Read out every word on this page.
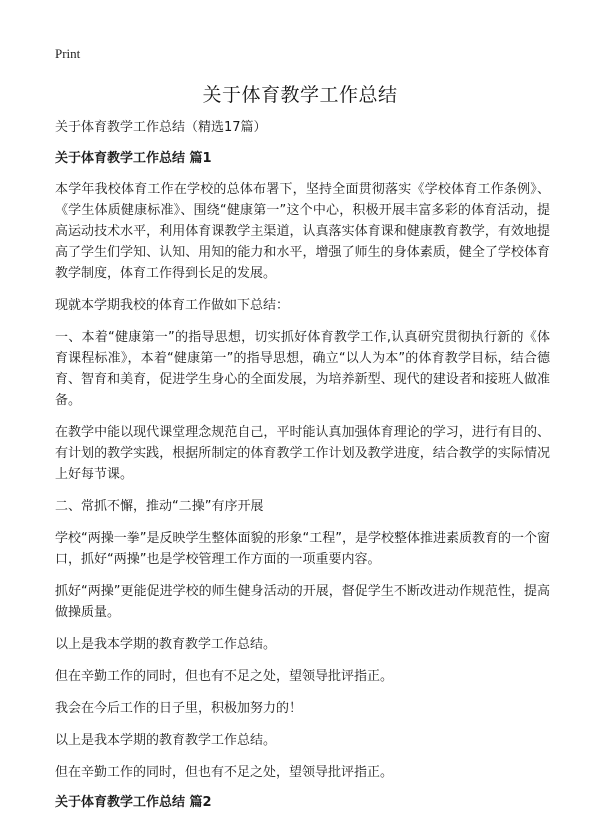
Print

关于体育教学工作总结

关于体育教学工作总结（精选17篇）

关于体育教学工作总结 篇1

本学年我校体育工作在学校的总体布署下，坚持全面贯彻落实《学校体育工作条例》、《学生体质健康标准》、围绕“健康第一”这个中心，积极开展丰富多彩的体育活动，提高运动技术水平，利用体育课教学主渠道，认真落实体育课和健康教育教学，有效地提高了学生们学知、认知、用知的能力和水平，增强了师生的身体素质，健全了学校体育教学制度，体育工作得到长足的发展。

现就本学期我校的体育工作做如下总结：

一、本着“健康第一”的指导思想，切实抓好体育教学工作,认真研究贯彻执行新的《体育课程标准》，本着“健康第一”的指导思想，确立“以人为本”的体育教学目标，结合德育、智育和美育，促进学生身心的全面发展，为培养新型、现代的建设者和接班人做准备。

在教学中能以现代课堂理念规范自己，平时能认真加强体育理论的学习，进行有目的、有计划的教学实践，根据所制定的体育教学工作计划及教学进度，结合教学的实际情况上好每节课。

二、常抓不懈，推动“二操”有序开展

学校“两操一拳”是反映学生整体面貌的形象“工程”，是学校整体推进素质教育的一个窗口，抓好“两操”也是学校管理工作方面的一项重要内容。

抓好“两操”更能促进学校的师生健身活动的开展，督促学生不断改进动作规范性，提高做操质量。

以上是我本学期的教育教学工作总结。

但在辛勤工作的同时，但也有不足之处，望领导批评指正。

我会在今后工作的日子里，积极加努力的！

以上是我本学期的教育教学工作总结。

但在辛勤工作的同时，但也有不足之处，望领导批评指正。

关于体育教学工作总结 篇2
